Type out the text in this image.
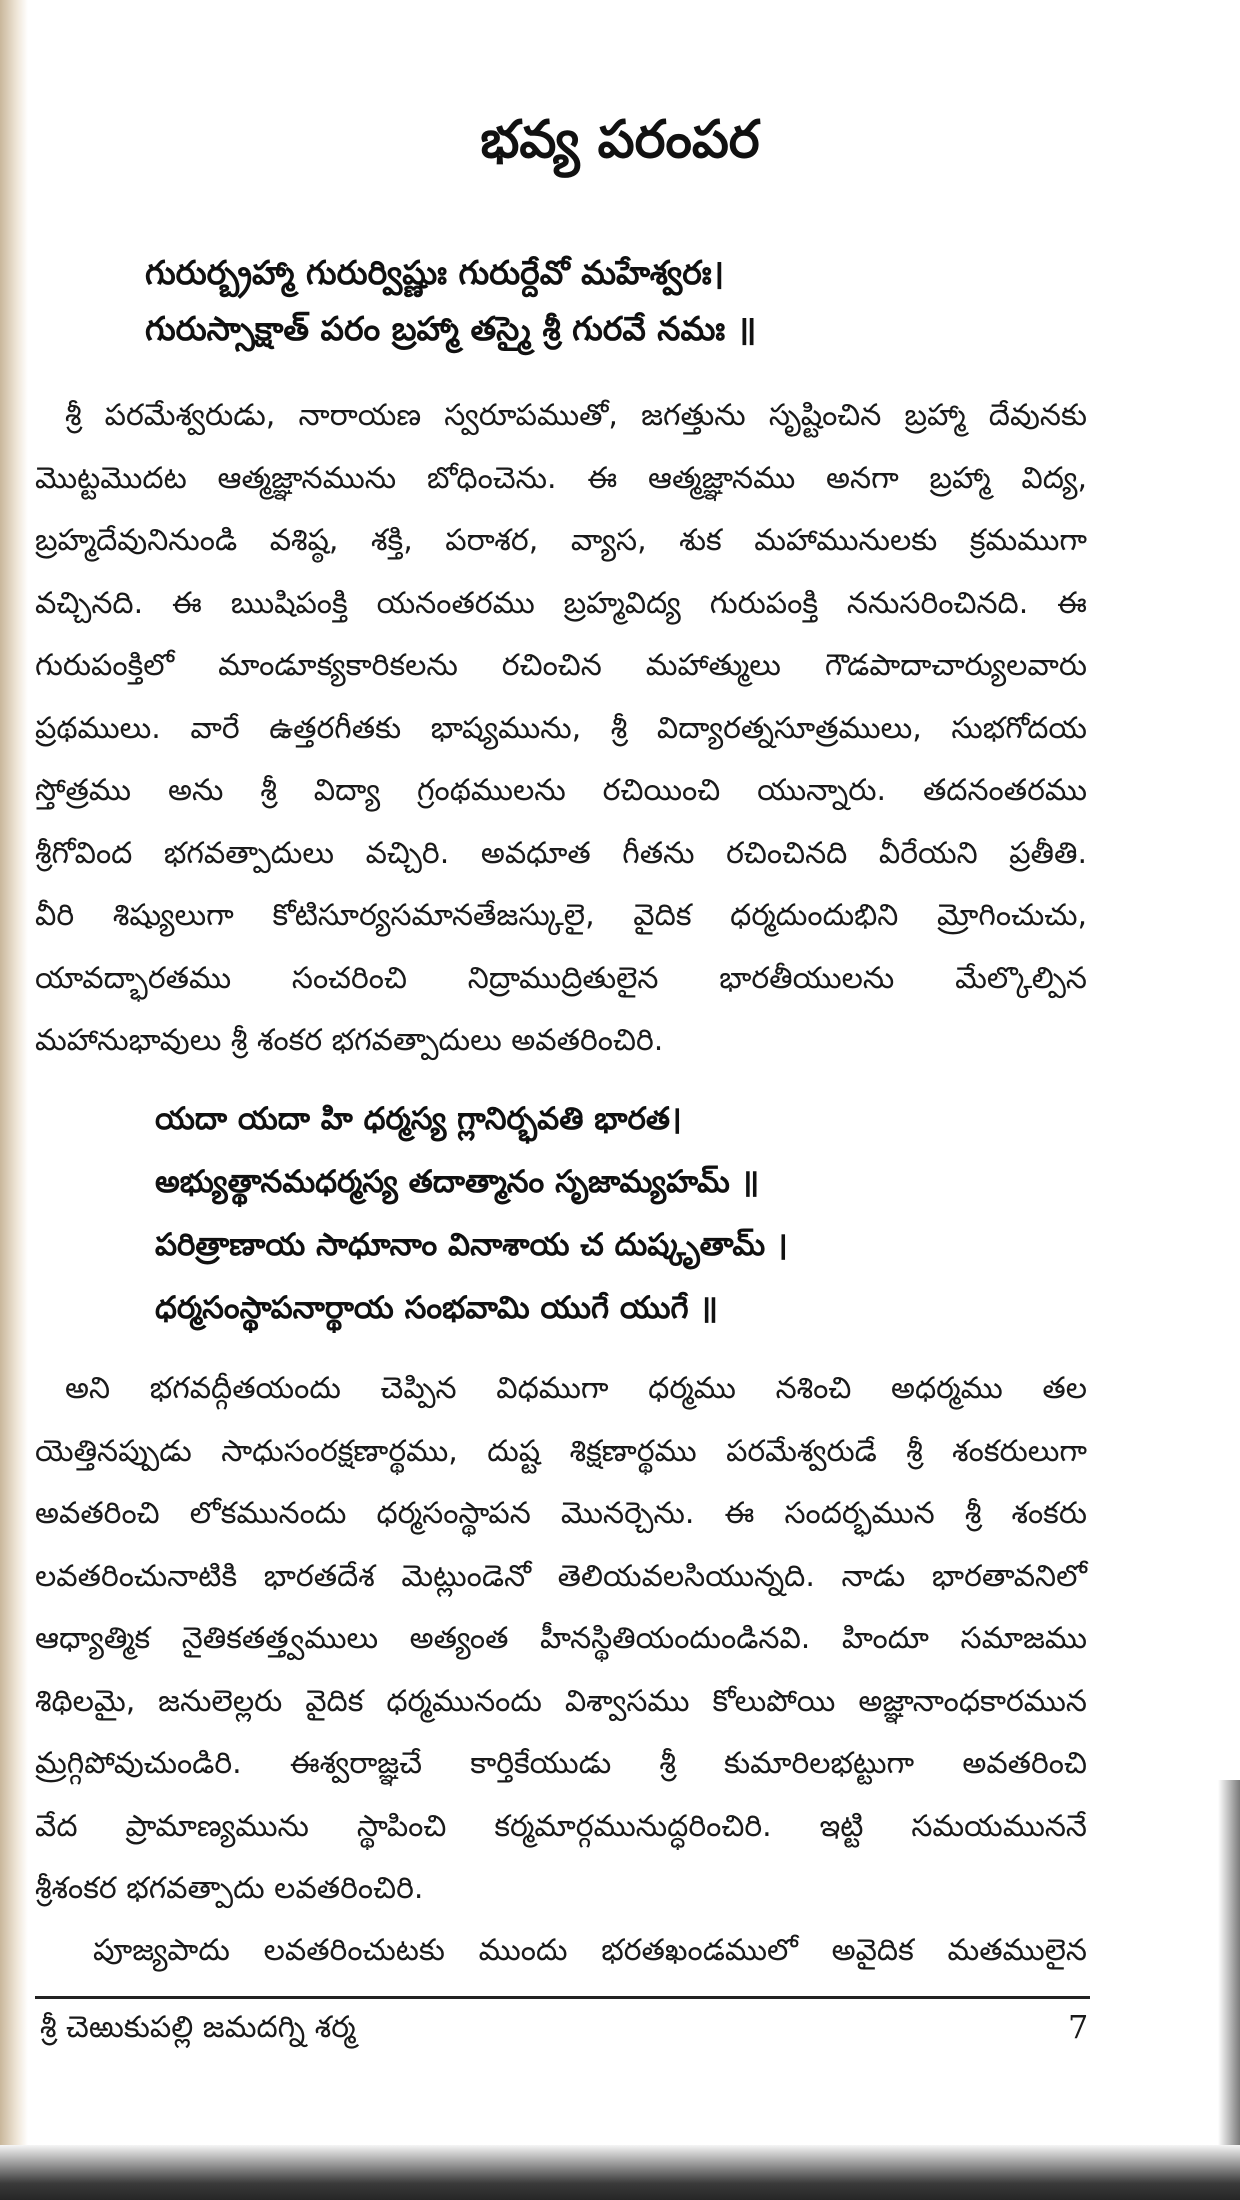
భవ్య పరంపర
గురుర్బ్రహ్మా గురుర్విష్ణుః గురుర్దేవో మహేశ్వరః।
గురుస్సాక్షాత్ పరం బ్రహ్మా తస్మై శ్రీ గురవే నమః ॥
శ్రీ పరమేశ్వరుడు, నారాయణ స్వరూపముతో, జగత్తును సృష్టించిన బ్రహ్మా దేవునకు
మొట్టమొదట ఆత్మజ్ఞానమును బోధించెను. ఈ ఆత్మజ్ఞానము అనగా బ్రహ్మా విద్య,
బ్రహ్మదేవునినుండి వశిష్ఠ, శక్తి, పరాశర, వ్యాస, శుక మహామునులకు క్రమముగా
వచ్చినది. ఈ ఋషిపంక్తి యనంతరము బ్రహ్మవిద్య గురుపంక్తి ననుసరించినది. ఈ
గురుపంక్తిలో మాండూక్యకారికలను రచించిన మహాత్ములు గౌడపాదాచార్యులవారు
ప్రథములు. వారే ఉత్తరగీతకు భాష్యమును, శ్రీ విద్యారత్నసూత్రములు, సుభగోదయ
స్తోత్రము అను శ్రీ విద్యా గ్రంథములను రచియించి యున్నారు. తదనంతరము
శ్రీగోవింద భగవత్పాదులు వచ్చిరి. అవధూత గీతను రచించినది వీరేయని ప్రతీతి.
వీరి శిష్యులుగా కోటిసూర్యసమానతేజస్కులై, వైదిక ధర్మదుందుభిని మ్రోగించుచు,
యావద్భారతము సంచరించి నిద్రాముద్రితులైన భారతీయులను మేల్కొల్పిన
మహానుభావులు శ్రీ శంకర భగవత్పాదులు అవతరించిరి.
యదా యదా హి ధర్మస్య గ్లానిర్భవతి భారత।
అభ్యుత్థానమధర్మస్య తదాత్మానం సృజామ్యహమ్ ॥
పరిత్రాణాయ సాధూనాం వినాశాయ చ దుష్కృతామ్ ।
ధర్మసంస్థాపనార్థాయ సంభవామి యుగే యుగే ॥
అని భగవద్గీతయందు చెప్పిన విధముగా ధర్మము నశించి అధర్మము తల
యెత్తినప్పుడు సాధుసంరక్షణార్థము, దుష్ట శిక్షణార్థము పరమేశ్వరుడే శ్రీ శంకరులుగా
అవతరించి లోకమునందు ధర్మసంస్థాపన మొనర్చెను. ఈ సందర్భమున శ్రీ శంకరు
లవతరించునాటికి భారతదేశ మెట్లుండెనో తెలియవలసియున్నది. నాడు భారతావనిలో
ఆధ్యాత్మిక నైతికతత్త్వములు అత్యంత హీనస్థితియందుండినవి. హిందూ సమాజము
శిథిలమై, జనులెల్లరు వైదిక ధర్మమునందు విశ్వాసము కోలుపోయి అజ్ఞానాంధకారమున
మ్రగ్గిపోవుచుండిరి. ఈశ్వరాజ్ఞచే కార్తికేయుడు శ్రీ కుమారిలభట్టుగా అవతరించి
వేద ప్రామాణ్యమును స్థాపించి కర్మమార్గమునుద్ధరించిరి. ఇట్టి సమయముననే
శ్రీశంకర భగవత్పాదు లవతరించిరి.
పూజ్యపాదు లవతరించుటకు ముందు భరతఖండములో అవైదిక మతములైన
శ్రీ చెఱుకుపల్లి జమదగ్ని శర్మ	7
